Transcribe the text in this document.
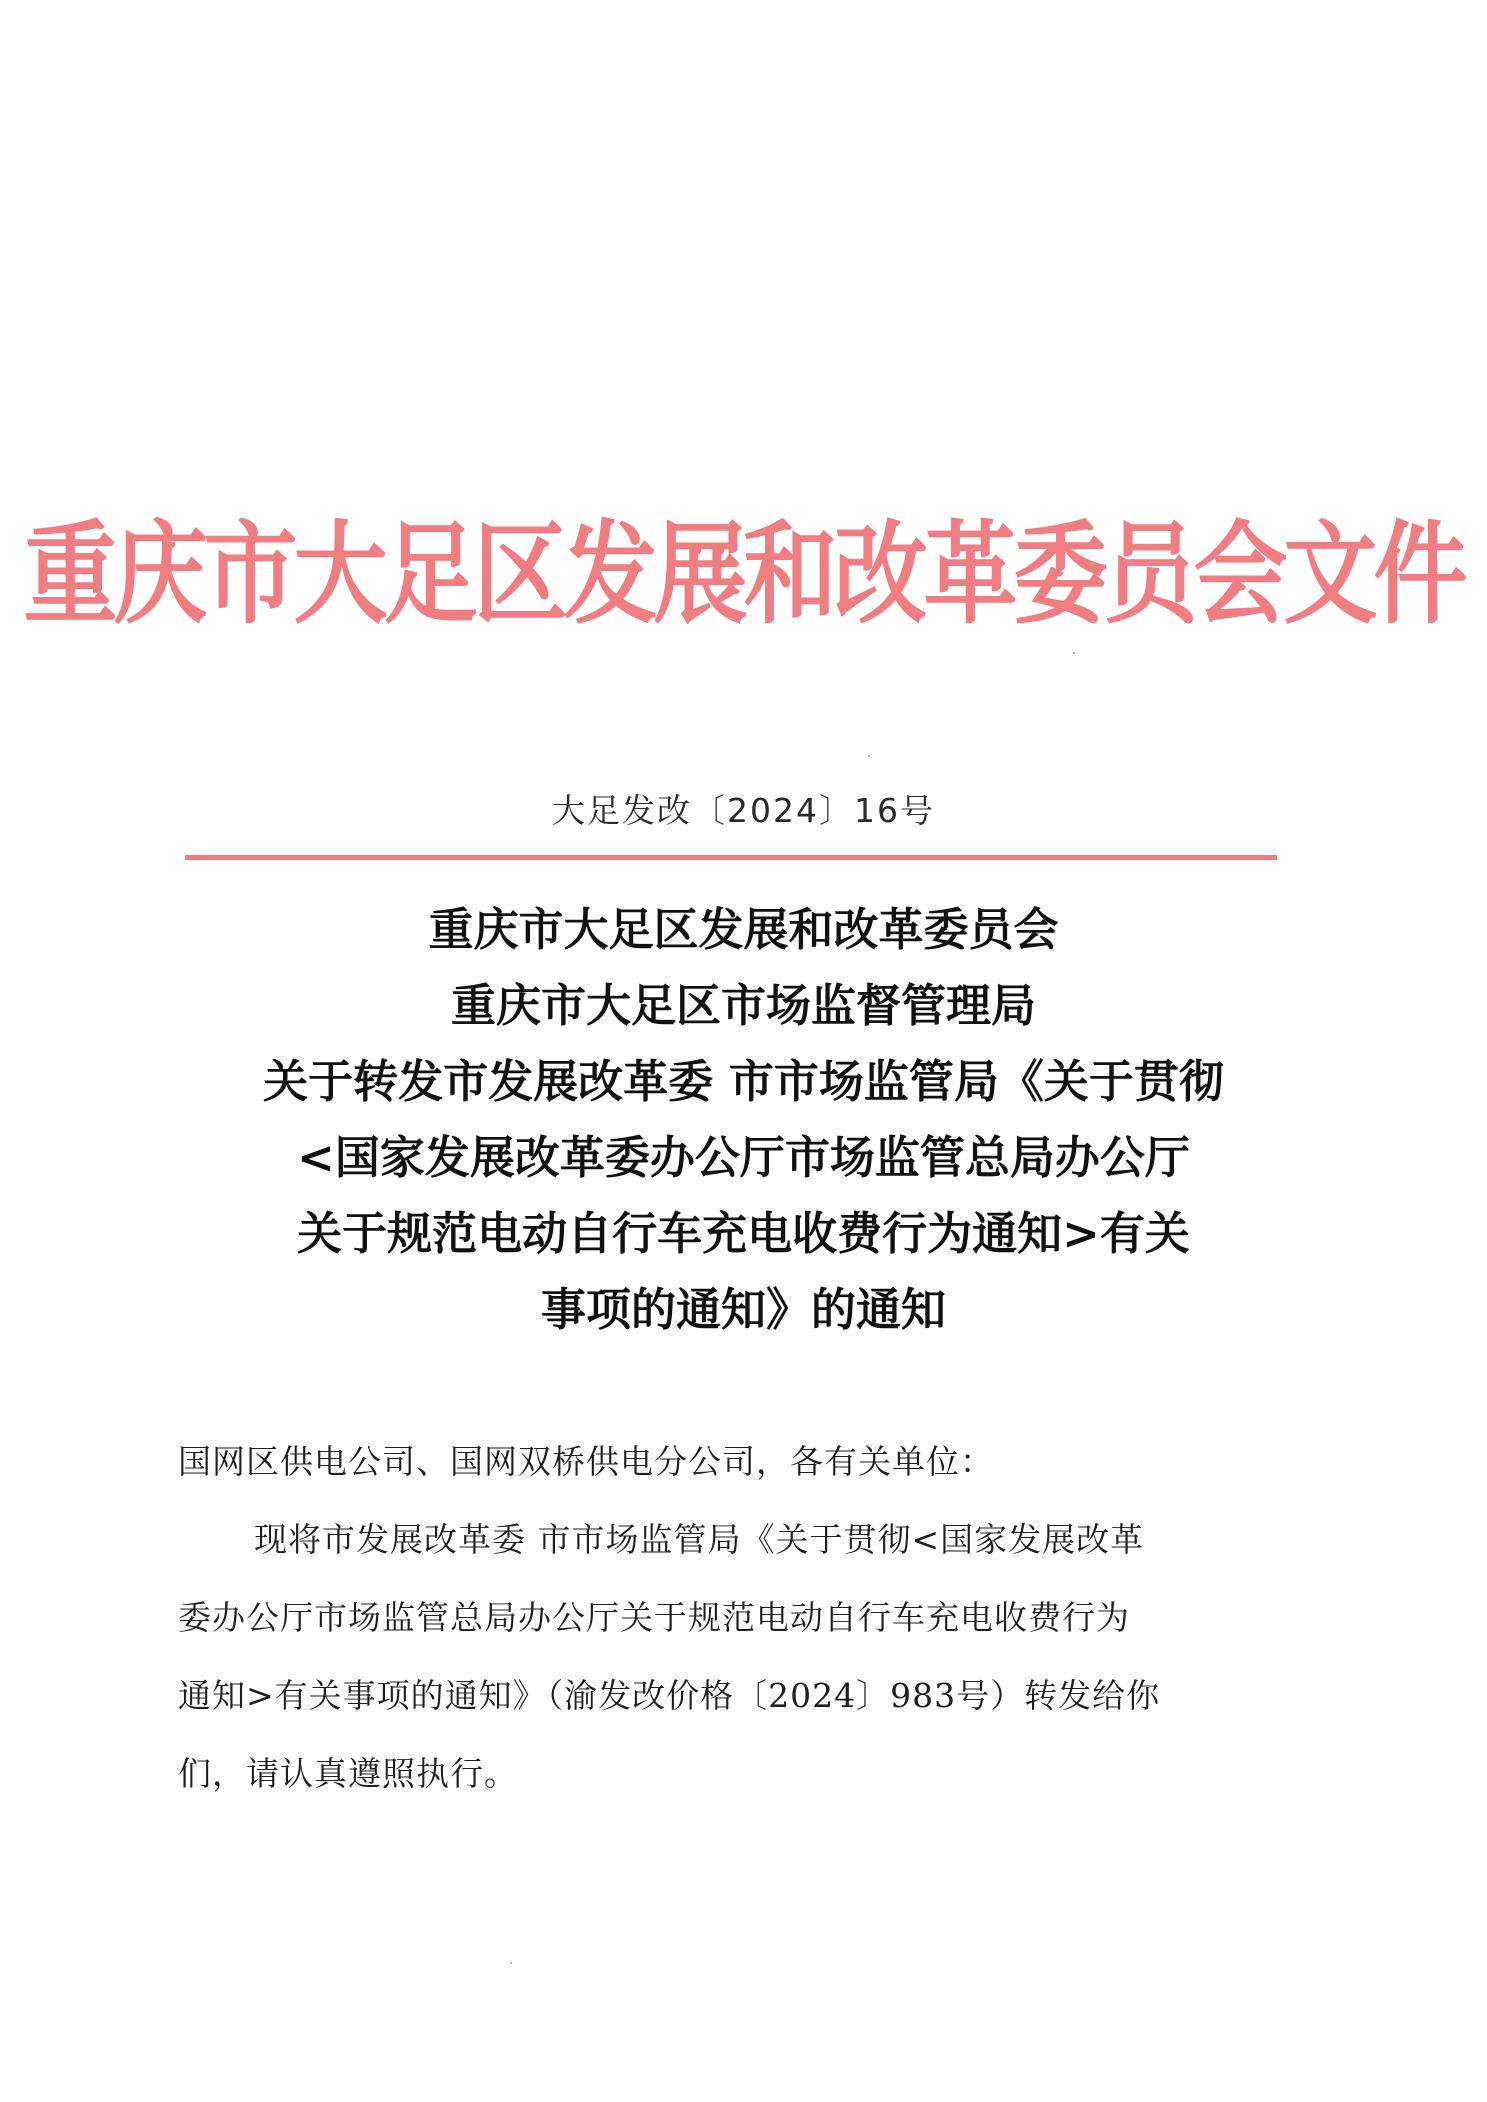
重庆市大足区发展和改革委员会文件
大足发改〔2024〕16号
重庆市大足区发展和改革委员会
重庆市大足区市场监督管理局
关于转发市发展改革委 市市场监管局《关于贯彻
<国家发展改革委办公厅市场监管总局办公厅
关于规范电动自行车充电收费行为通知>有关
事项的通知》的通知
国网区供电公司、国网双桥供电分公司，各有关单位：
现将市发展改革委 市市场监管局《关于贯彻<国家发展改革
委办公厅市场监管总局办公厅关于规范电动自行车充电收费行为
通知>有关事项的通知》（渝发改价格〔2024〕983号）转发给你
们，请认真遵照执行。
